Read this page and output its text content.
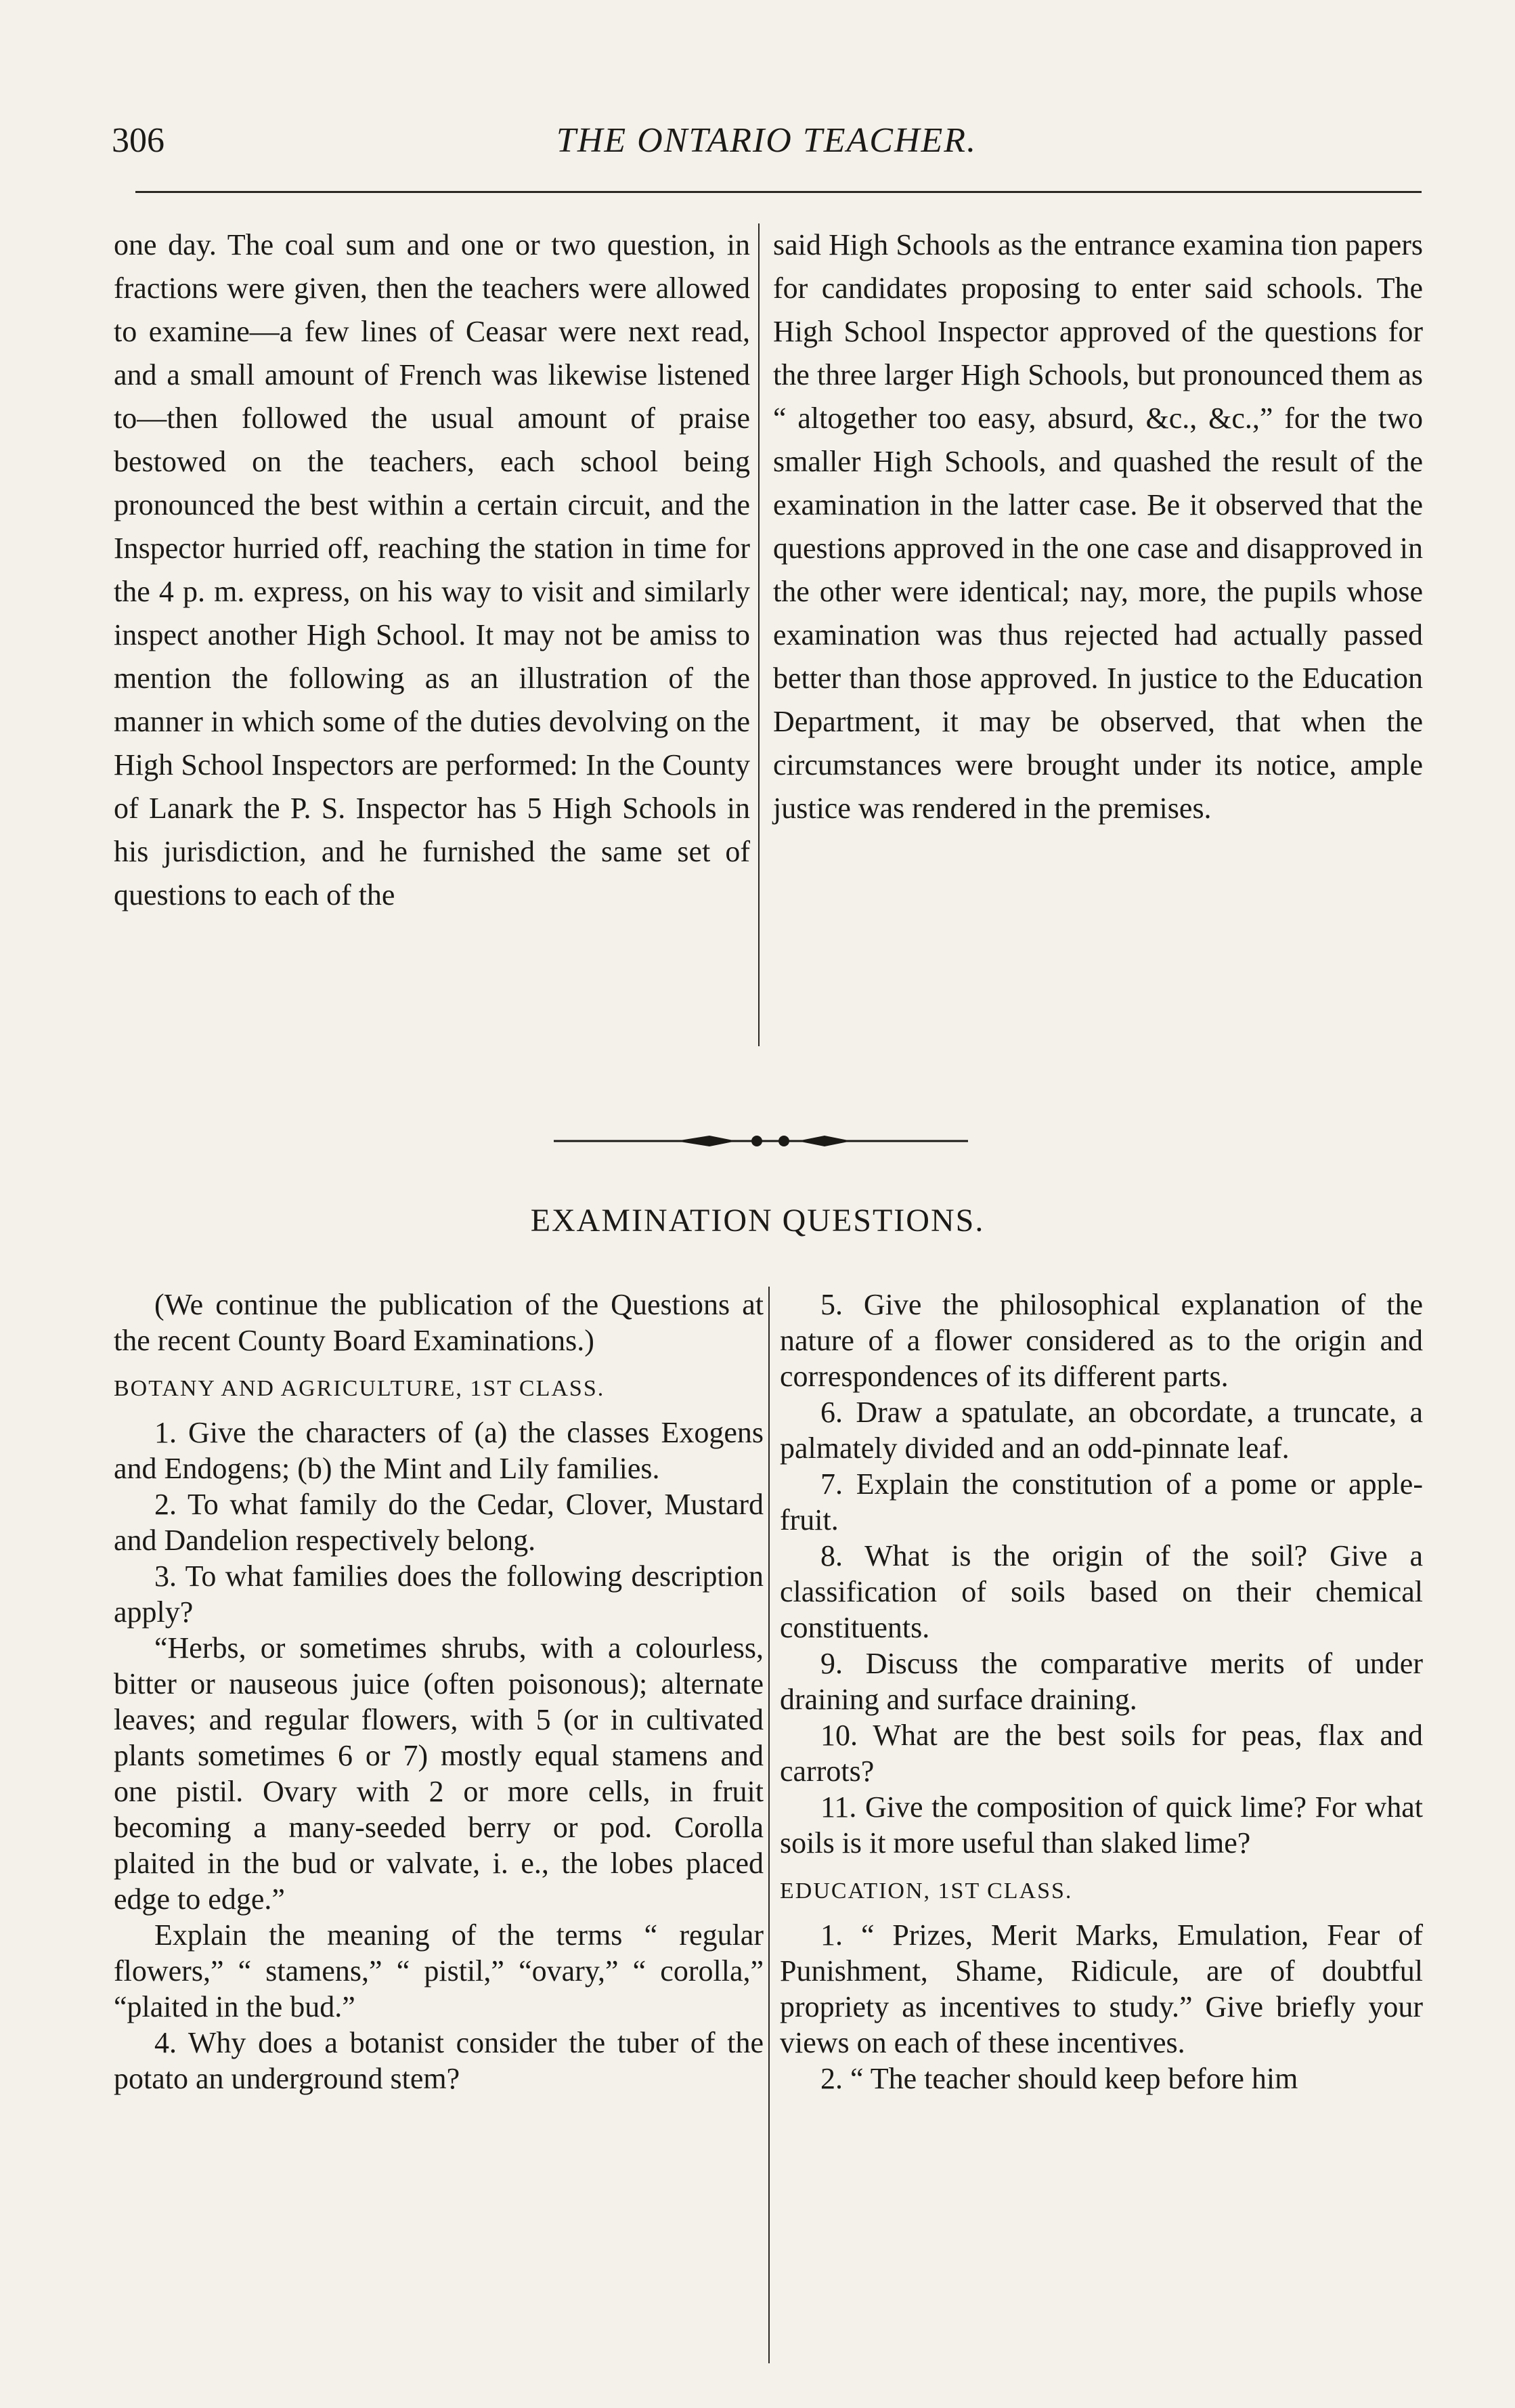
306	THE ONTARIO TEACHER.

one day. The coal sum and one or two question, in fractions were given, then the teachers were allowed to examine—a few lines of Ceasar were next read, and a small amount of French was likewise listened to—then followed the usual amount of praise bestowed on the teachers, each school being pronounced the best within a certain circuit, and the Inspector hurried off, reaching the station in time for the 4 p. m. express, on his way to visit and similarly inspect another High School. It may not be amiss to mention the following as an illustration of the manner in which some of the duties devolving on the High School Inspectors are performed: In the County of Lanark the P. S. Inspector has 5 High Schools in his jurisdiction, and he furnished the same set of questions to each of the

said High Schools as the entrance examina tion papers for candidates proposing to enter said schools. The High School Inspector approved of the questions for the three larger High Schools, but pronounced them as “ altogether too easy, absurd, &c., &c.,” for the two smaller High Schools, and quashed the result of the examination in the latter case. Be it observed that the questions approved in the one case and disapproved in the other were identical; nay, more, the pupils whose examination was thus rejected had actually passed better than those approved. In justice to the Education Department, it may be observed, that when the circumstances were brought under its notice, ample justice was rendered in the premises.

EXAMINATION QUESTIONS.

(We continue the publication of the Questions at the recent County Board Examinations.)

BOTANY AND AGRICULTURE, 1ST CLASS.

1. Give the characters of (a) the classes Exogens and Endogens; (b) the Mint and Lily families.

2. To what family do the Cedar, Clover, Mustard and Dandelion respectively belong.

3. To what families does the following description apply?

“Herbs, or sometimes shrubs, with a colourless, bitter or nauseous juice (often poisonous); alternate leaves; and regular flowers, with 5 (or in cultivated plants sometimes 6 or 7) mostly equal stamens and one pistil. Ovary with 2 or more cells, in fruit becoming a many-seeded berry or pod. Corolla plaited in the bud or valvate, i. e., the lobes placed edge to edge.”

Explain the meaning of the terms “ regular flowers,” “ stamens,” “ pistil,” “ovary,” “ corolla,” “plaited in the bud.”

4. Why does a botanist consider the tuber of the potato an underground stem?

5. Give the philosophical explanation of the nature of a flower considered as to the origin and correspondences of its different parts.

6. Draw a spatulate, an obcordate, a truncate, a palmately divided and an odd-pinnate leaf.

7. Explain the constitution of a pome or apple-fruit.

8. What is the origin of the soil? Give a classification of soils based on their chemical constituents.

9. Discuss the comparative merits of under draining and surface draining.

10. What are the best soils for peas, flax and carrots?

11. Give the composition of quick lime? For what soils is it more useful than slaked lime?

EDUCATION, 1ST CLASS.

1. “ Prizes, Merit Marks, Emulation, Fear of Punishment, Shame, Ridicule, are of doubtful propriety as incentives to study.” Give briefly your views on each of these incentives.

2. “ The teacher should keep before him
